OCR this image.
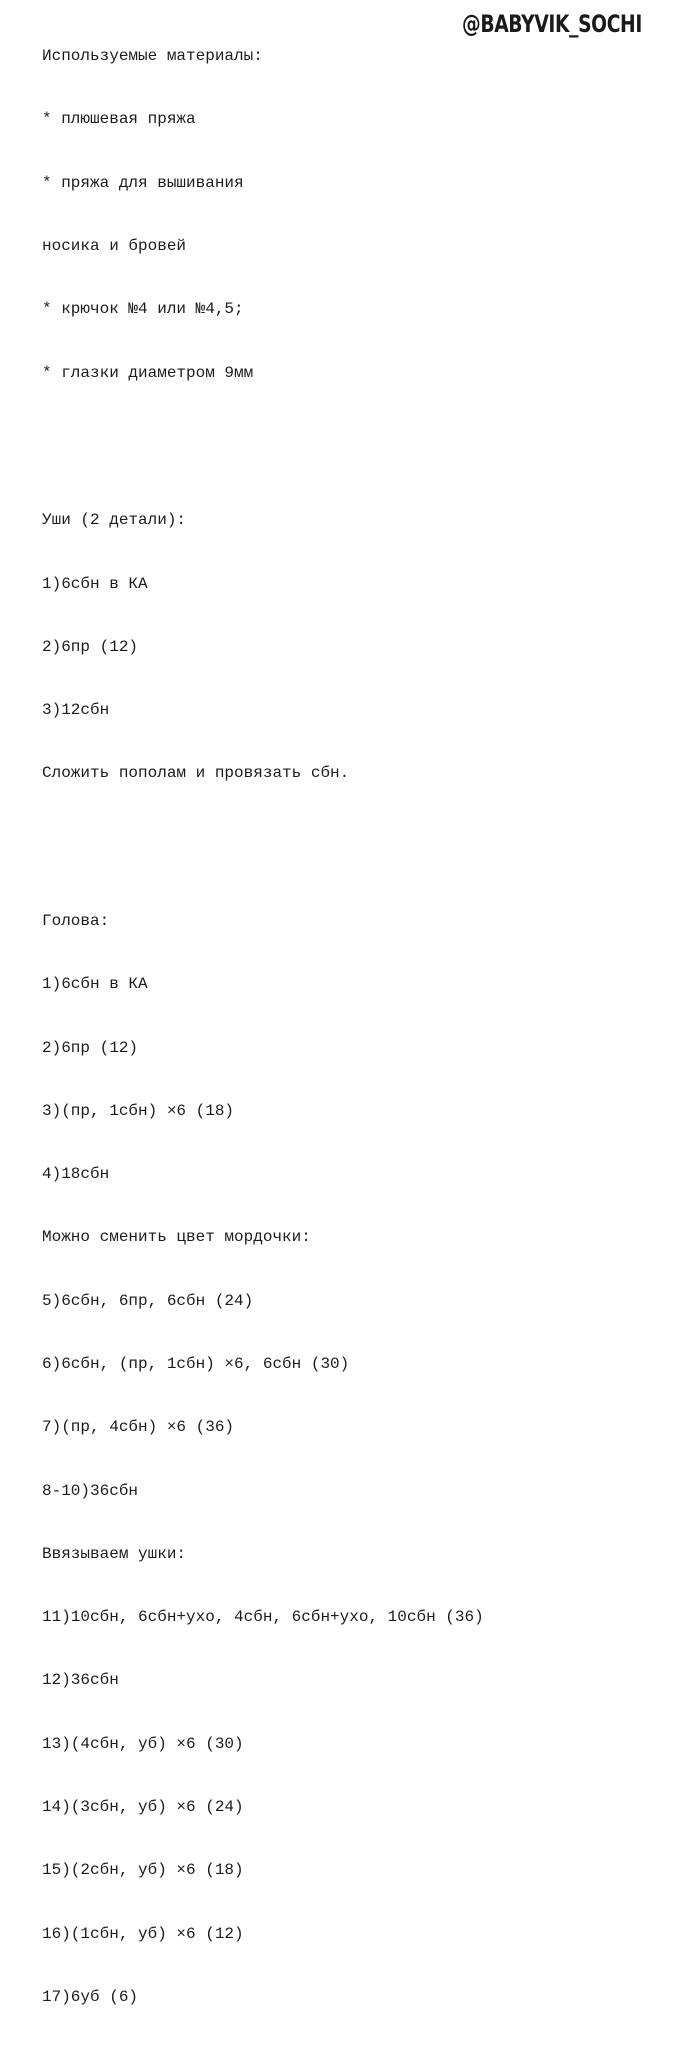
@BABYVIK_SOCHI

Используемые материалы:

* плюшевая пряжа

* пряжа для вышивания

носика и бровей

* крючок №4 или №4,5;

* глазки диаметром 9мм

Уши (2 детали):

1)6сбн в КА

2)6пр (12)

3)12сбн

Сложить пополам и провязать сбн.

Голова:

1)6сбн в КА

2)6пр (12)

3)(пр, 1сбн) ×6 (18)

4)18сбн

Можно сменить цвет мордочки:

5)6сбн, 6пр, 6сбн (24)

6)6сбн, (пр, 1сбн) ×6, 6сбн (30)

7)(пр, 4сбн) ×6 (36)

8-10)36сбн

Ввязываем ушки:

11)10сбн, 6сбн+ухо, 4сбн, 6сбн+ухо, 10сбн (36)

12)36сбн

13)(4сбн, уб) ×6 (30)

14)(3сбн, уб) ×6 (24)

15)(2сбн, уб) ×6 (18)

16)(1сбн, уб) ×6 (12)

17)6уб (6)
